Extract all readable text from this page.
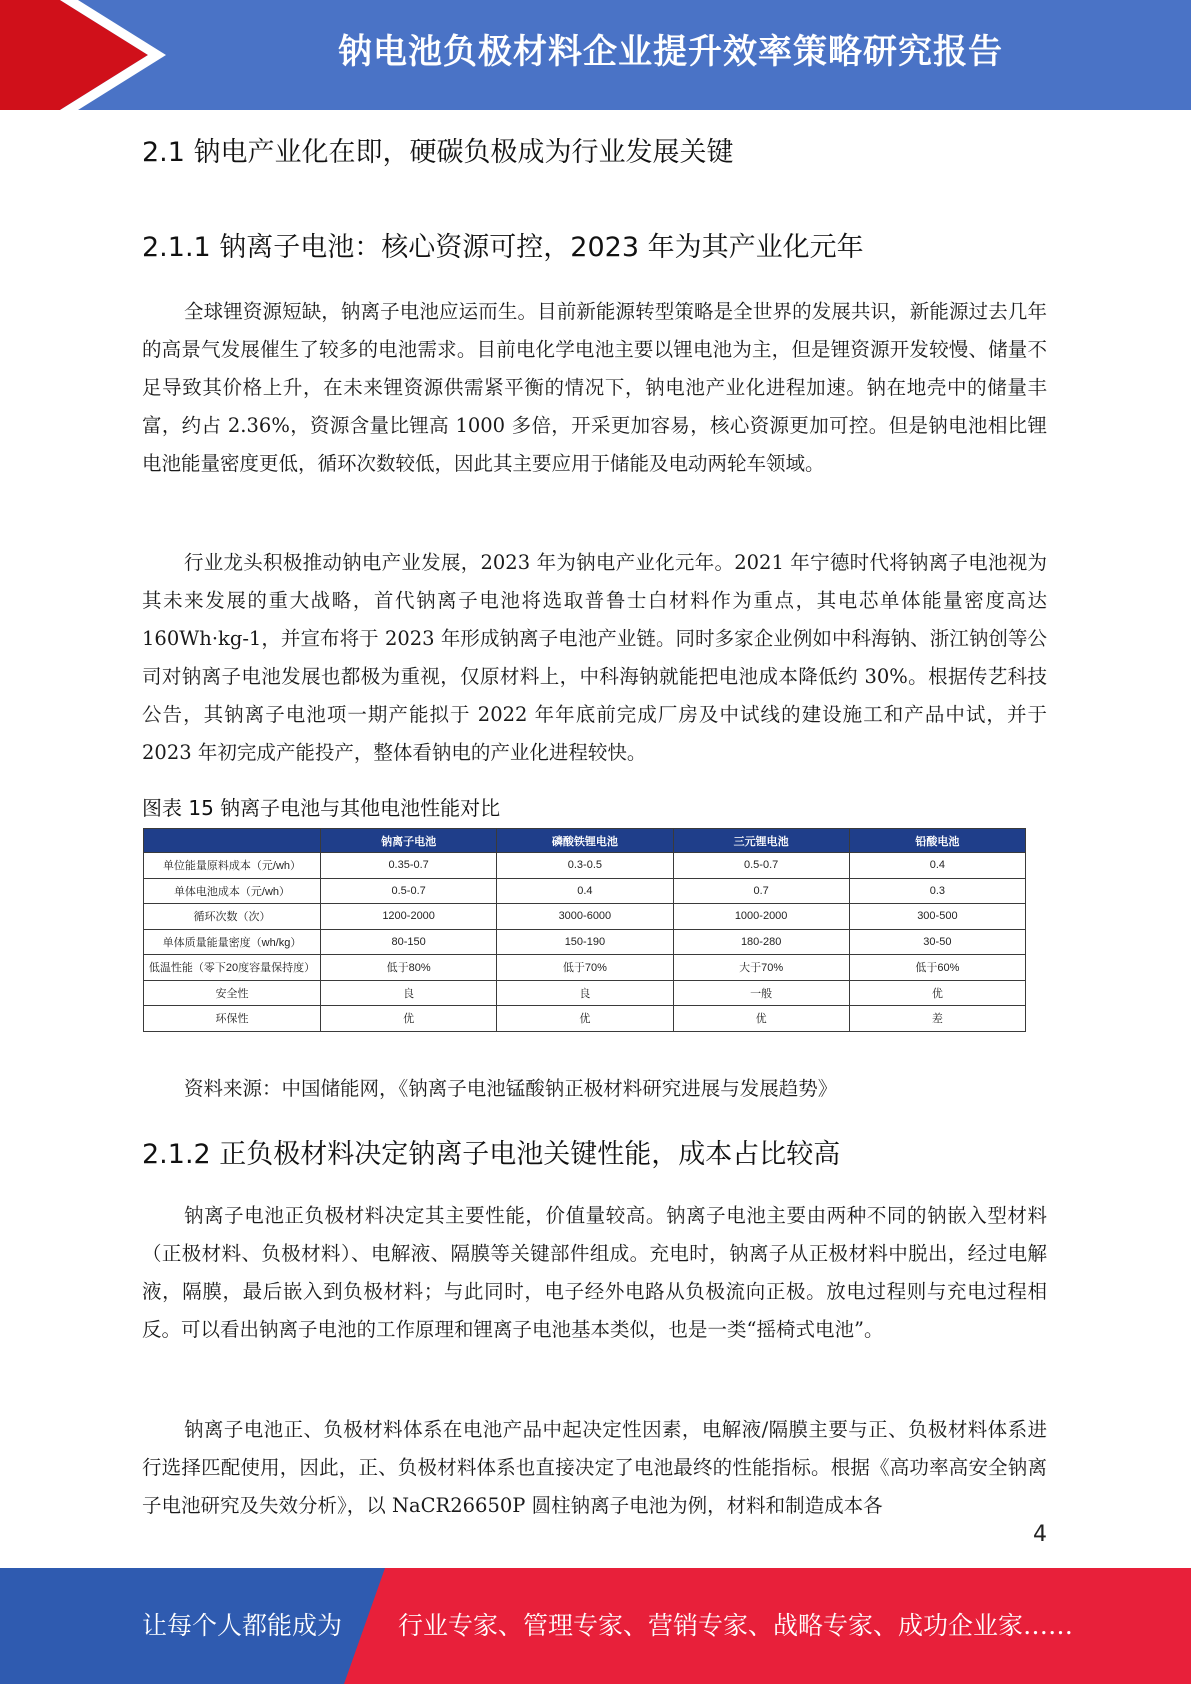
钠电池负极材料企业提升效率策略研究报告
2.1 钠电产业化在即，硬碳负极成为行业发展关键
2.1.1 钠离子电池：核心资源可控，2023 年为其产业化元年

全球锂资源短缺，钠离子电池应运而生。目前新能源转型策略是全世界的发展共识，新能源过去几年的高景气发展催生了较多的电池需求。目前电化学电池主要以锂电池为主，但是锂资源开发较慢、储量不足导致其价格上升，在未来锂资源供需紧平衡的情况下，钠电池产业化进程加速。钠在地壳中的储量丰富，约占 2.36%，资源含量比锂高 1000 多倍，开采更加容易，核心资源更加可控。但是钠电池相比锂电池能量密度更低，循环次数较低，因此其主要应用于储能及电动两轮车领域。

行业龙头积极推动钠电产业发展，2023 年为钠电产业化元年。2021 年宁德时代将钠离子电池视为其未来发展的重大战略，首代钠离子电池将选取普鲁士白材料作为重点，其电芯单体能量密度高达 160Wh·kg-1，并宣布将于 2023 年形成钠离子电池产业链。同时多家企业例如中科海钠、浙江钠创等公司对钠离子电池发展也都极为重视，仅原材料上，中科海钠就能把电池成本降低约 30%。根据传艺科技公告，其钠离子电池项一期产能拟于 2022 年年底前完成厂房及中试线的建设施工和产品中试，并于 2023 年初完成产能投产，整体看钠电的产业化进程较快。

图表 15 钠离子电池与其他电池性能对比

	钠离子电池	磷酸铁锂电池	三元锂电池	铅酸电池
单位能量原料成本（元/wh）	0.35-0.7	0.3-0.5	0.5-0.7	0.4
单体电池成本（元/wh）	0.5-0.7	0.4	0.7	0.3
循环次数（次）	1200-2000	3000-6000	1000-2000	300-500
单体质量能量密度（wh/kg）	80-150	150-190	180-280	30-50
低温性能（零下20度容量保持度）	低于80%	低于70%	大于70%	低于60%
安全性	良	良	一般	优
环保性	优	优	优	差

资料来源：中国储能网，《钠离子电池锰酸钠正极材料研究进展与发展趋势》

2.1.2 正负极材料决定钠离子电池关键性能，成本占比较高

钠离子电池正负极材料决定其主要性能，价值量较高。钠离子电池主要由两种不同的钠嵌入型材料（正极材料、负极材料）、电解液、隔膜等关键部件组成。充电时，钠离子从正极材料中脱出，经过电解液，隔膜，最后嵌入到负极材料；与此同时，电子经外电路从负极流向正极。放电过程则与充电过程相反。可以看出钠离子电池的工作原理和锂离子电池基本类似，也是一类“摇椅式电池”。

钠离子电池正、负极材料体系在电池产品中起决定性因素，电解液/隔膜主要与正、负极材料体系进行选择匹配使用，因此，正、负极材料体系也直接决定了电池最终的性能指标。根据《高功率高安全钠离子电池研究及失效分析》，以 NaCR26650P 圆柱钠离子电池为例，材料和制造成本各

4
让每个人都能成为 行业专家、管理专家、营销专家、战略专家、成功企业家……
